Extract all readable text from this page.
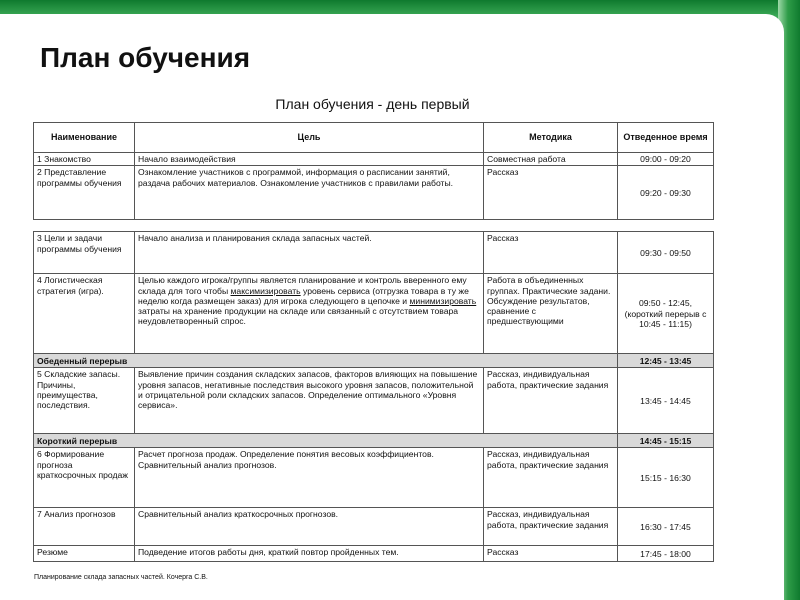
План обучения
План обучения - день первый
Наименование	Цель	Методика	Отведенное время
1 Знакомство	Начало взаимодействия	Совместная работа	09:00 - 09:20
2 Представление программы обучения	Ознакомление участников с программой, информация о расписании занятий, раздача рабочих материалов. Ознакомление участников с правилами работы.	Рассказ	09:20 - 09:30

3 Цели и задачи программы обучения	Начало анализа и планирования склада запасных частей.	Рассказ	09:30 - 09:50
4 Логистическая стратегия (игра).	Целью каждого игрока/группы является планирование и контроль вверенного ему склада для того чтобы максимизировать уровень сервиса (отгрузка товара в ту же неделю когда размещен заказ) для игрока следующего в цепочке и минимизировать затраты на хранение продукции на складе или связанный с отсутствием товара неудовлетворенный спрос.	Работа в объединенных группах. Практические задани. Обсуждение результатов, сравнение с предшествующими	09:50 - 12:45, (короткий перерыв с 10:45 - 11:15)
Обеденный перерыв			12:45 - 13:45
5 Складские запасы. Причины, преимущества, последствия.	Выявление причин создания складских запасов, факторов влияющих на повышение уровня запасов, негативные последствия высокого уровня запасов, положительной и отрицательной роли складских запасов. Определение оптимального «Уровня сервиса».	Рассказ, индивидуальная работа, практические задания	13:45 - 14:45
Короткий перерыв			14:45 - 15:15
6 Формирование прогноза краткосрочных продаж	Расчет прогноза продаж. Определение понятия весовых коэффициентов. Сравнительный анализ прогнозов.	Рассказ, индивидуальная работа, практические задания	15:15 - 16:30
7 Анализ прогнозов	Сравнительный анализ краткосрочных прогнозов.	Рассказ, индивидуальная работа, практические задания	16:30 - 17:45
Резюме	Подведение итогов работы дня, краткий повтор пройденных тем.	Рассказ	17:45 - 18:00
Планирование склада запасных частей. Кочерга С.В.
